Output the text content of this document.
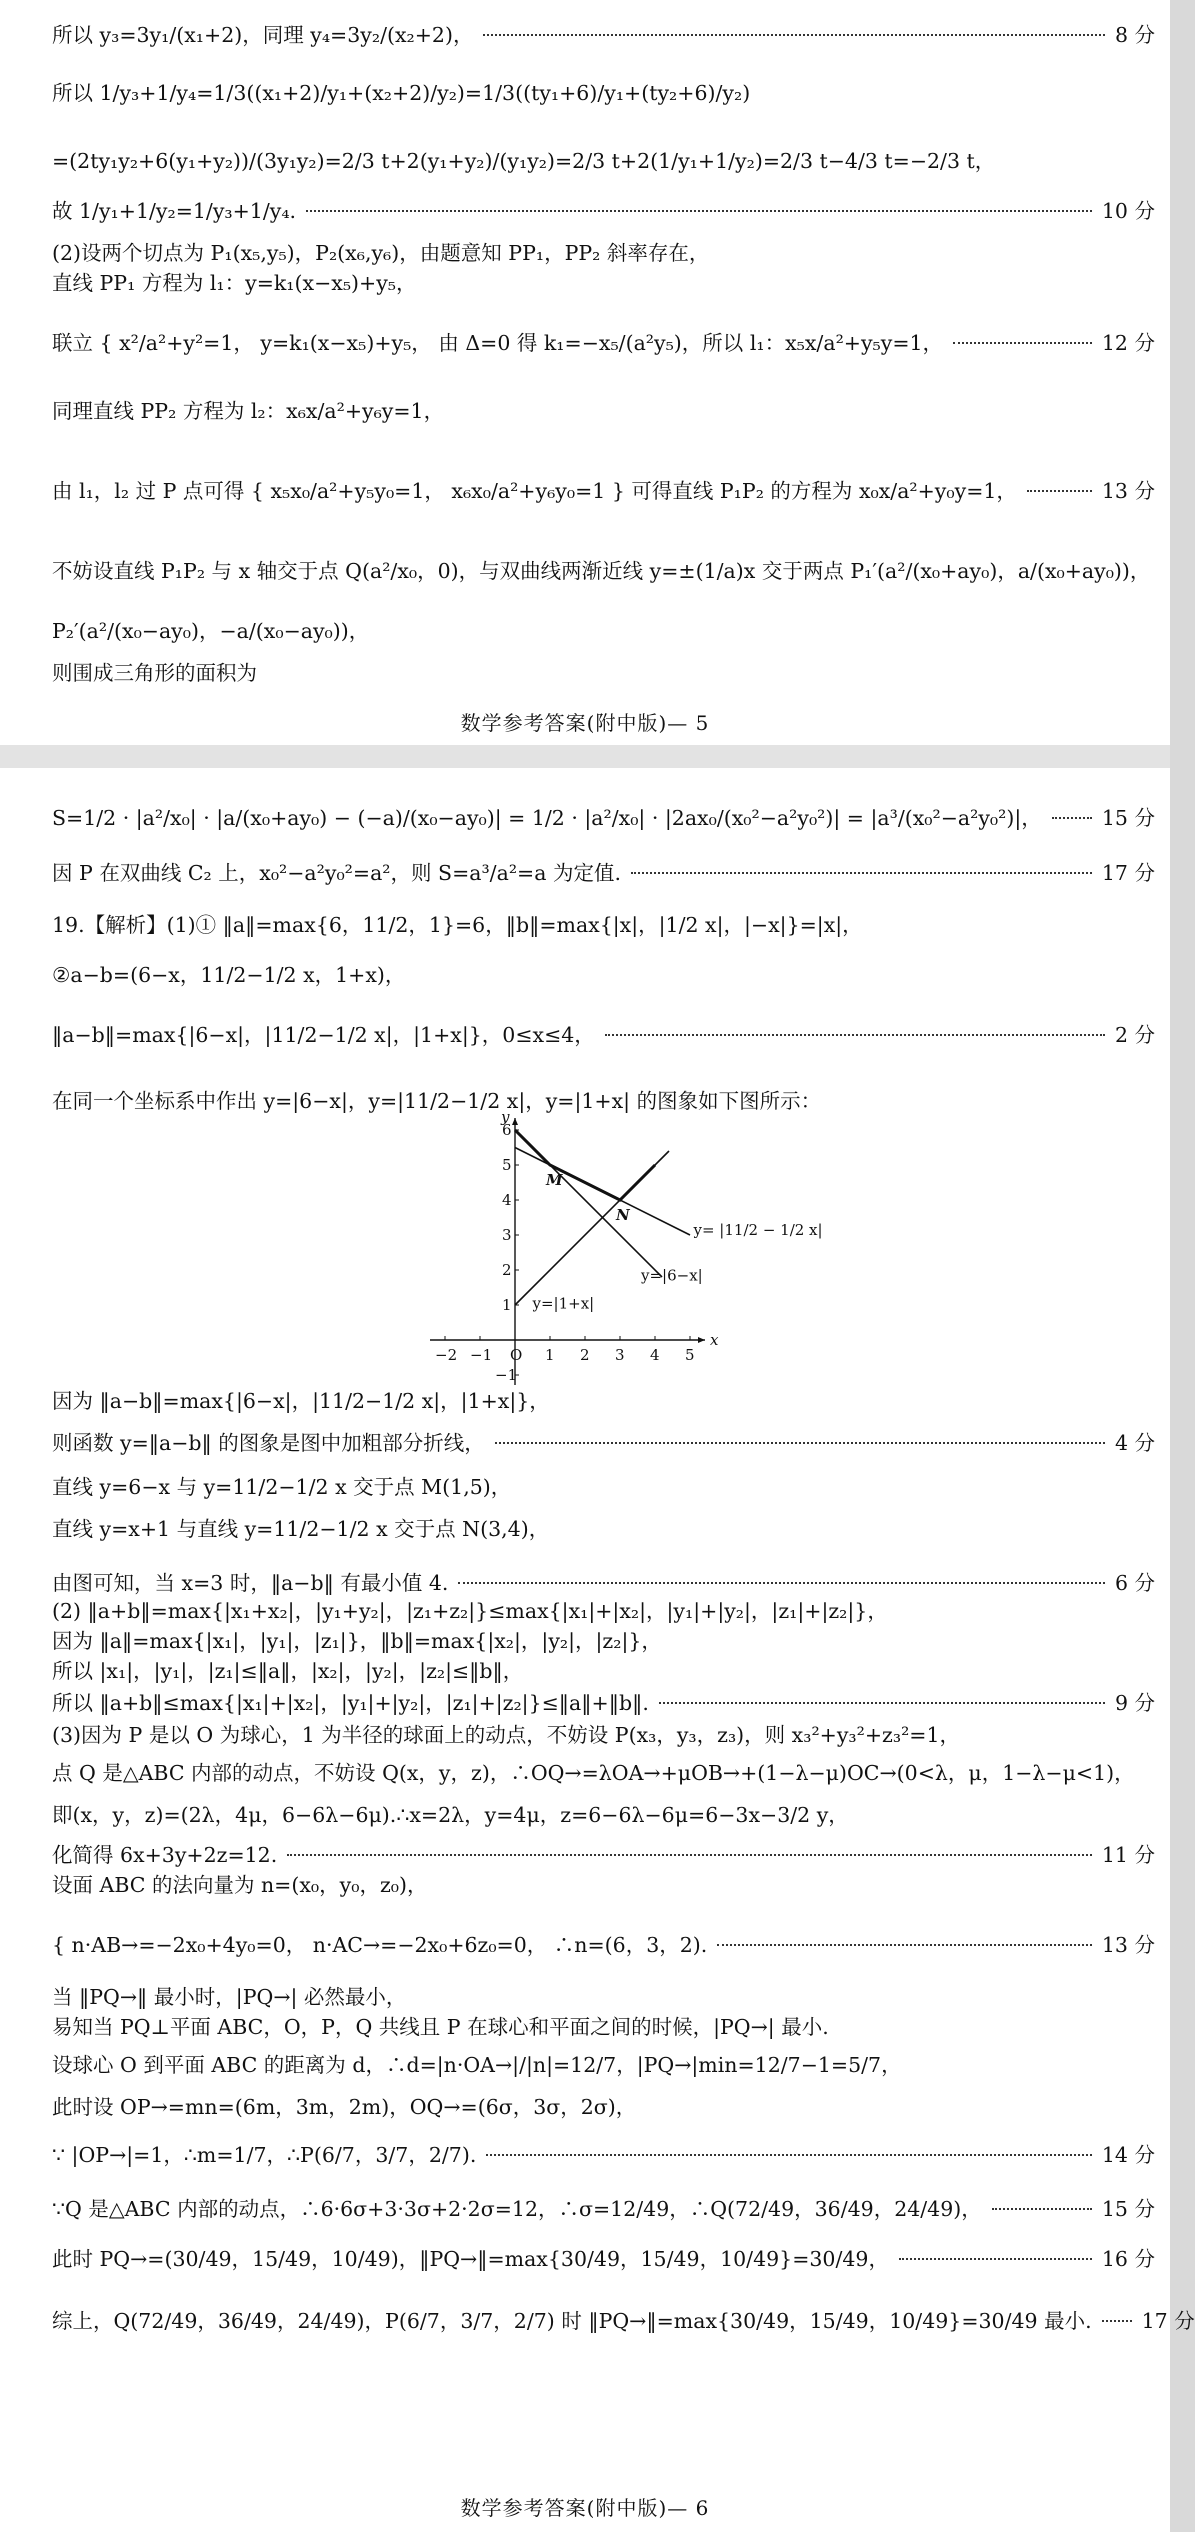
x
y
−2 −1 O 1 2 3 4 5
−1
1
2
3
4
5
6
M
N
y=|1+x|
y=|6−x|
y= |11/2 − 1/2 x|
数学参考答案(附中版)— 5
数学参考答案(附中版)— 6
所以 y₃=3y₁/(x₁+2)，同理 y₄=3y₂/(x₂+2)，	8 分
所以 1/y₃+1/y₄=1/3((x₁+2)/y₁+(x₂+2)/y₂)=1/3((ty₁+6)/y₁+(ty₂+6)/y₂)
=(2ty₁y₂+6(y₁+y₂))/(3y₁y₂)=2/3 t+2(y₁+y₂)/(y₁y₂)=2/3 t+2(1/y₁+1/y₂)=2/3 t−4/3 t=−2/3 t，
故 1/y₁+1/y₂=1/y₃+1/y₄.	10 分
(2)设两个切点为 P₁(x₅,y₅)，P₂(x₆,y₆)，由题意知 PP₁，PP₂ 斜率存在，
直线 PP₁ 方程为 l₁：y=k₁(x−x₅)+y₅，
联立 { x²/a²+y²=1， y=k₁(x−x₅)+y₅， 由 Δ=0 得 k₁=−x₅/(a²y₅)，所以 l₁：x₅x/a²+y₅y=1，	12 分
同理直线 PP₂ 方程为 l₂：x₆x/a²+y₆y=1，
由 l₁，l₂ 过 P 点可得 { x₅x₀/a²+y₅y₀=1， x₆x₀/a²+y₆y₀=1 } 可得直线 P₁P₂ 的方程为 x₀x/a²+y₀y=1，	13 分
不妨设直线 P₁P₂ 与 x 轴交于点 Q(a²/x₀，0)，与双曲线两渐近线 y=±(1/a)x 交于两点 P₁′(a²/(x₀+ay₀)，a/(x₀+ay₀))，
P₂′(a²/(x₀−ay₀)，−a/(x₀−ay₀))，
则围成三角形的面积为
S=1/2 · |a²/x₀| · |a/(x₀+ay₀) − (−a)/(x₀−ay₀)| = 1/2 · |a²/x₀| · |2ax₀/(x₀²−a²y₀²)| = |a³/(x₀²−a²y₀²)|，	15 分
因 P 在双曲线 C₂ 上，x₀²−a²y₀²=a²，则 S=a³/a²=a 为定值.	17 分
19.【解析】(1)① ‖a‖=max{6，11/2，1}=6，‖b‖=max{|x|，|1/2 x|，|−x|}=|x|，
②a−b=(6−x，11/2−1/2 x，1+x)，
‖a−b‖=max{|6−x|，|11/2−1/2 x|，|1+x|}，0≤x≤4，	2 分
在同一个坐标系中作出 y=|6−x|，y=|11/2−1/2 x|，y=|1+x| 的图象如下图所示：
因为 ‖a−b‖=max{|6−x|，|11/2−1/2 x|，|1+x|}，
则函数 y=‖a−b‖ 的图象是图中加粗部分折线，	4 分
直线 y=6−x 与 y=11/2−1/2 x 交于点 M(1,5)，
直线 y=x+1 与直线 y=11/2−1/2 x 交于点 N(3,4)，
由图可知，当 x=3 时，‖a−b‖ 有最小值 4.	6 分
(2) ‖a+b‖=max{|x₁+x₂|，|y₁+y₂|，|z₁+z₂|}≤max{|x₁|+|x₂|，|y₁|+|y₂|，|z₁|+|z₂|}，
因为 ‖a‖=max{|x₁|，|y₁|，|z₁|}，‖b‖=max{|x₂|，|y₂|，|z₂|}，
所以 |x₁|，|y₁|，|z₁|≤‖a‖，|x₂|，|y₂|，|z₂|≤‖b‖，
所以 ‖a+b‖≤max{|x₁|+|x₂|，|y₁|+|y₂|，|z₁|+|z₂|}≤‖a‖+‖b‖.	9 分
(3)因为 P 是以 O 为球心，1 为半径的球面上的动点，不妨设 P(x₃，y₃，z₃)，则 x₃²+y₃²+z₃²=1，
点 Q 是△ABC 内部的动点，不妨设 Q(x，y，z)，∴OQ→=λOA→+μOB→+(1−λ−μ)OC→(0<λ，μ，1−λ−μ<1)，
即(x，y，z)=(2λ，4μ，6−6λ−6μ).∴x=2λ，y=4μ，z=6−6λ−6μ=6−3x−3/2 y，
化简得 6x+3y+2z=12.	11 分
设面 ABC 的法向量为 n=(x₀，y₀，z₀)，
{ n·AB→=−2x₀+4y₀=0， n·AC→=−2x₀+6z₀=0， ∴n=(6，3，2).	13 分
当 ‖PQ→‖ 最小时，|PQ→| 必然最小，
易知当 PQ⊥平面 ABC，O，P，Q 共线且 P 在球心和平面之间的时候，|PQ→| 最小.
设球心 O 到平面 ABC 的距离为 d，∴d=|n·OA→|/|n|=12/7，|PQ→|min=12/7−1=5/7，
此时设 OP→=mn=(6m，3m，2m)，OQ→=(6σ，3σ，2σ)，
∵ |OP→|=1，∴m=1/7，∴P(6/7，3/7，2/7).	14 分
∵Q 是△ABC 内部的动点，∴6·6σ+3·3σ+2·2σ=12，∴σ=12/49，∴Q(72/49，36/49，24/49)，	15 分
此时 PQ→=(30/49，15/49，10/49)，‖PQ→‖=max{30/49，15/49，10/49}=30/49，	16 分
综上，Q(72/49，36/49，24/49)，P(6/7，3/7，2/7) 时 ‖PQ→‖=max{30/49，15/49，10/49}=30/49 最小. 17 分
